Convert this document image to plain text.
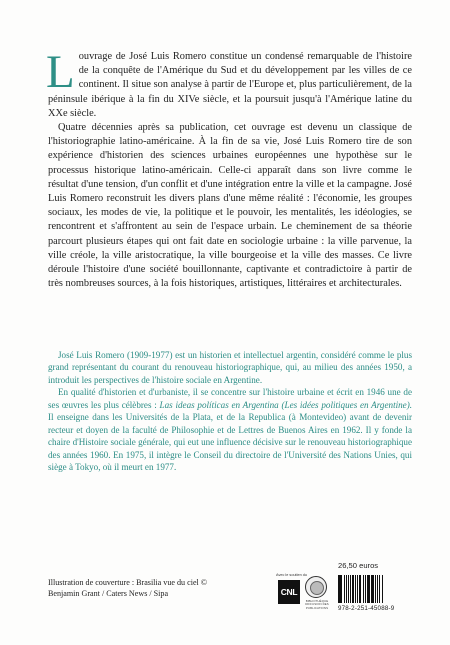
Louvrage de José Luis Romero constitue un condensé remarquable de l'histoire de la conquête de l'Amérique du Sud et du développement par les villes de ce continent. Il situe son analyse à partir de l'Europe et, plus particulièrement, de la péninsule ibérique à la fin du XIVe siècle, et la poursuit jusqu'à l'Amérique latine du XXe siècle.

Quatre décennies après sa publication, cet ouvrage est devenu un classique de l'historiographie latino-américaine. À la fin de sa vie, José Luis Romero tire de son expérience d'historien des sciences urbaines européennes une hypothèse sur le processus historique latino-américain. Celle-ci apparaît dans son livre comme le résultat d'une tension, d'un conflit et d'une intégration entre la ville et la campagne. José Luis Romero reconstruit les divers plans d'une même réalité : l'économie, les groupes sociaux, les modes de vie, la politique et le pouvoir, les mentalités, les idéologies, se rencontrent et s'affrontent au sein de l'espace urbain. Le cheminement de sa théorie parcourt plusieurs étapes qui ont fait date en sociologie urbaine : la ville parvenue, la ville créole, la ville aristocratique, la ville bourgeoise et la ville des masses. Ce livre déroule l'histoire d'une société bouillonnante, captivante et contradictoire à partir de très nombreuses sources, à la fois historiques, artistiques, littéraires et architecturales.

José Luis Romero (1909-1977) est un historien et intellectuel argentin, considéré comme le plus grand représentant du courant du renouveau historiographique, qui, au milieu des années 1950, a introduit les perspectives de l'histoire sociale en Argentine.

En qualité d'historien et d'urbaniste, il se concentre sur l'histoire urbaine et écrit en 1946 une de ses œuvres les plus célèbres : Las ideas políticas en Argentina (Les idées politiques en Argentine). Il enseigne dans les Universités de la Plata, et de la Republica (à Montevideo) avant de devenir recteur et doyen de la faculté de Philosophie et de Lettres de Buenos Aires en 1962. Il y fonde la chaire d'Histoire sociale générale, qui eut une influence décisive sur le renouveau historiographique des années 1960. En 1975, il intègre le Conseil du directoire de l'Université des Nations Unies, qui siège à Tokyo, où il meurt en 1977.

26,50 euros
Illustration de couverture : Brasilia vue du ciel © Benjamin Grant / Caters News / Sipa
Avec le soutien du
CNL
BIBLIOTHÈQUE DIFFUSION DES PUBLICATIONS	978-2-251-45088-9
